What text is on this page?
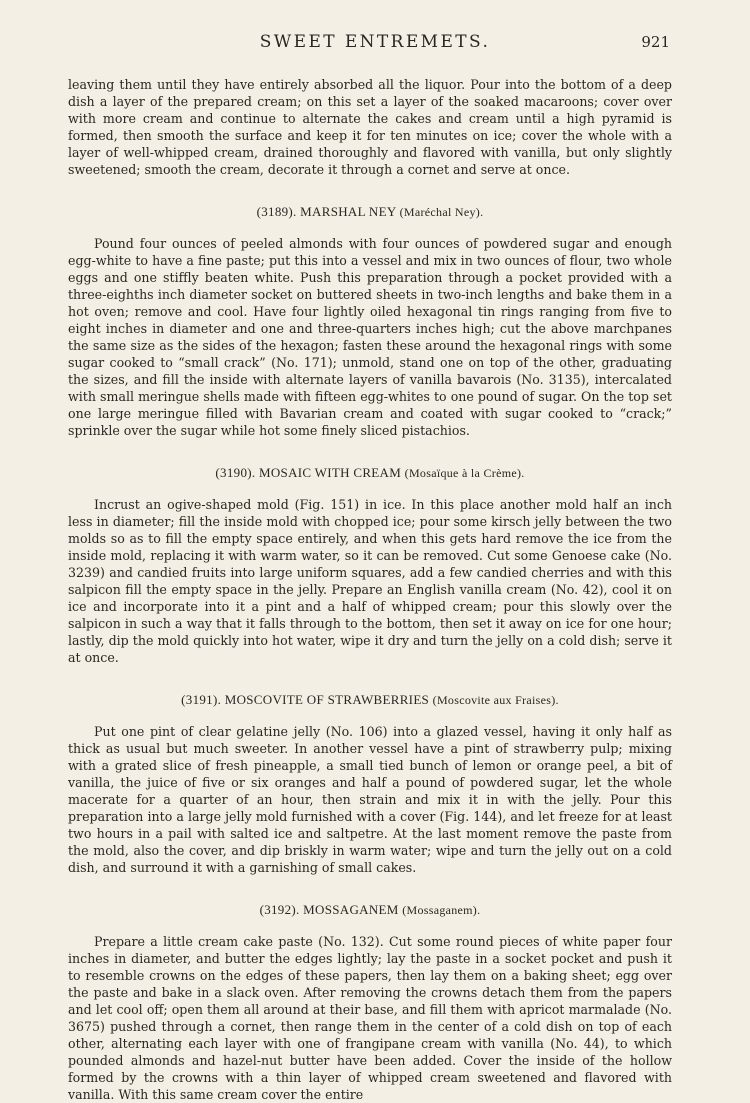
SWEET ENTREMETS.	921

leaving them until they have entirely absorbed all the liquor. Pour into the bottom of a deep dish a layer of the prepared cream; on this set a layer of the soaked macaroons; cover over with more cream and continue to alternate the cakes and cream until a high pyramid is formed, then smooth the surface and keep it for ten minutes on ice; cover the whole with a layer of well-whipped cream, drained thoroughly and flavored with vanilla, but only slightly sweetened; smooth the cream, decorate it through a cornet and serve at once.

(3189). MARSHAL NEY (Maréchal Ney).

Pound four ounces of peeled almonds with four ounces of powdered sugar and enough egg-white to have a fine paste; put this into a vessel and mix in two ounces of flour, two whole eggs and one stiffly beaten white. Push this preparation through a pocket provided with a three-eighths inch diameter socket on buttered sheets in two-inch lengths and bake them in a hot oven; remove and cool. Have four lightly oiled hexagonal tin rings ranging from five to eight inches in diameter and one and three-quarters inches high; cut the above marchpanes the same size as the sides of the hexagon; fasten these around the hexagonal rings with some sugar cooked to “small crack” (No. 171); unmold, stand one on top of the other, graduating the sizes, and fill the inside with alternate layers of vanilla bavarois (No. 3135), intercalated with small meringue shells made with fifteen egg-whites to one pound of sugar. On the top set one large meringue filled with Bavarian cream and coated with sugar cooked to “crack;” sprinkle over the sugar while hot some finely sliced pistachios.

(3190). MOSAIC WITH CREAM (Mosaïque à la Crème).

Incrust an ogive-shaped mold (Fig. 151) in ice. In this place another mold half an inch less in diameter; fill the inside mold with chopped ice; pour some kirsch jelly between the two molds so as to fill the empty space entirely, and when this gets hard remove the ice from the inside mold, replacing it with warm water, so it can be removed. Cut some Genoese cake (No. 3239) and candied fruits into large uniform squares, add a few candied cherries and with this salpicon fill the empty space in the jelly. Prepare an English vanilla cream (No. 42), cool it on ice and incorporate into it a pint and a half of whipped cream; pour this slowly over the salpicon in such a way that it falls through to the bottom, then set it away on ice for one hour; lastly, dip the mold quickly into hot water, wipe it dry and turn the jelly on a cold dish; serve it at once.

(3191). MOSCOVITE OF STRAWBERRIES (Moscovite aux Fraises).

Put one pint of clear gelatine jelly (No. 106) into a glazed vessel, having it only half as thick as usual but much sweeter. In another vessel have a pint of strawberry pulp; mixing with a grated slice of fresh pineapple, a small tied bunch of lemon or orange peel, a bit of vanilla, the juice of five or six oranges and half a pound of powdered sugar, let the whole macerate for a quarter of an hour, then strain and mix it in with the jelly. Pour this preparation into a large jelly mold furnished with a cover (Fig. 144), and let freeze for at least two hours in a pail with salted ice and saltpetre. At the last moment remove the paste from the mold, also the cover, and dip briskly in warm water; wipe and turn the jelly out on a cold dish, and surround it with a garnishing of small cakes.

(3192). MOSSAGANEM (Mossaganem).

Prepare a little cream cake paste (No. 132). Cut some round pieces of white paper four inches in diameter, and butter the edges lightly; lay the paste in a socket pocket and push it to resemble crowns on the edges of these papers, then lay them on a baking sheet; egg over the paste and bake in a slack oven. After removing the crowns detach them from the papers and let cool off; open them all around at their base, and fill them with apricot marmalade (No. 3675) pushed through a cornet, then range them in the center of a cold dish on top of each other, alternating each layer with one of frangipane cream with vanilla (No. 44), to which pounded almonds and hazel-nut butter have been added. Cover the inside of the hollow formed by the crowns with a thin layer of whipped cream sweetened and flavored with vanilla. With this same cream cover the entire
